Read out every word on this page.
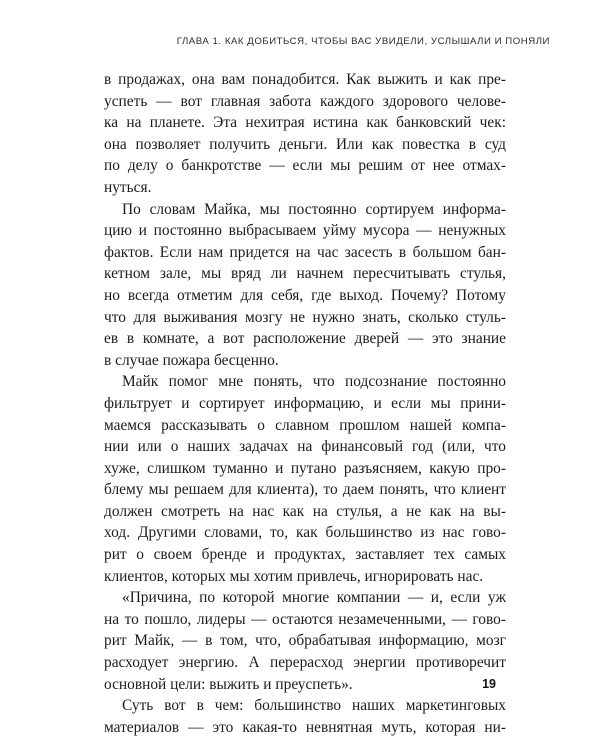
ГЛАВА 1. КАК ДОБИТЬСЯ, ЧТОБЫ ВАС УВИДЕЛИ, УСЛЫШАЛИ И ПОНЯЛИ

в продажах, она вам понадобится. Как выжить и как пре-
успеть — вот главная забота каждого здорового челове-
ка на планете. Эта нехитрая истина как банковский чек:
она позволяет получить деньги. Или как повестка в суд
по делу о банкротстве — если мы решим от нее отмах-
нуться.

По словам Майка, мы постоянно сортируем информа-
цию и постоянно выбрасываем уйму мусора — ненужных
фактов. Если нам придется на час засесть в большом бан-
кетном зале, мы вряд ли начнем пересчитывать стулья,
но всегда отметим для себя, где выход. Почему? Потому
что для выживания мозгу не нужно знать, сколько стуль-
ев в комнате, а вот расположение дверей — это знание
в случае пожара бесценно.

Майк помог мне понять, что подсознание постоянно
фильтрует и сортирует информацию, и если мы прини-
маемся рассказывать о славном прошлом нашей компа-
нии или о наших задачах на финансовый год (или, что
хуже, слишком туманно и путано разъясняем, какую про-
блему мы решаем для клиента), то даем понять, что клиент
должен смотреть на нас как на стулья, а не как на вы-
ход. Другими словами, то, как большинство из нас гово-
рит о своем бренде и продуктах, заставляет тех самых
клиентов, которых мы хотим привлечь, игнорировать нас.

«Причина, по которой многие компании — и, если уж
на то пошло, лидеры — остаются незамеченными, — гово-
рит Майк, — в том, что, обрабатывая информацию, мозг
расходует энергию. А перерасход энергии противоречит
основной цели: выжить и преуспеть».

Суть вот в чем: большинство наших маркетинговых
материалов — это какая-то невнятная муть, которая ни-

19
